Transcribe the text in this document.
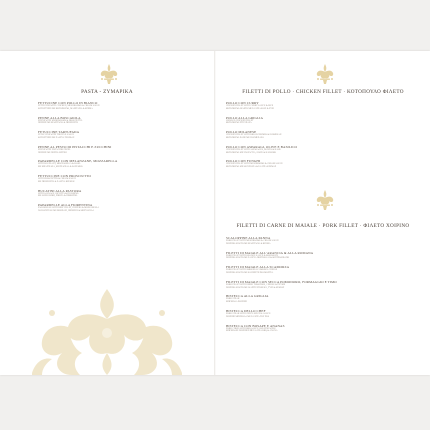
PASTA - ΖΥΜΑΡΙΚΑ
FETTUCINE CON POLLO IN BIANCO
FETTUCINE WITH CHICKEN, MUSHROOMS & CREAM SAUCE
ΦΕΤΟΥΤΣΙΝΕ ΜΕ ΚΟΤΟΠΟΥΛΟ, ΜΑΝΙΤΑΡΙΑ & ΚΡΕΜΑ
PENNE ALLA BOSCAIOLA
PENNE WITH MUSHROOMS & PROSCIUTTO
ΠΕΝΝΕΣ ΜΕ ΜΑΝΙΤΑΡΙΑ & ΠΡΟΣΙΟΥΤΟ
FETUCCINE TARTUFADA
FETUCCINE WITH TRUFFLE SAUCE
ΦΕΤΟΥΤΣΙΝΕ ΜΕ ΣΑΛΤΣΑ ΤΡΟΥΦΑΣ
PENNE AL PESTO DI PISTACCHI E ZUCCHINI
PENNE WITH PISTACHIO PESTO
ΠΕΝΝΕΣ ΜΕ ΠΕΣΤΟ ΦΙΣΤΙΚΙ
PAPARDELLE CON MELANZANE, MOZZARELLA
WITH EGGPLANT, MOZZARELLA & BASIL
ΜΕ ΜΕΛΙΤΖΑΝΑ, ΜΟΤΣΑΡΕΛΑ & ΒΑΣΙΛΙΚΟ
FETTUCCINE CON PROSCIUTTO
WITH PROSCIUTTO & CREAM SAUCE
ΜΕ ΠΡΟΣΙΟΥΤΟ & ΣΑΛΤΣΑ ΚΡΕΜΑΣ
BUCATINI ALLA PASTORA
WITH SAUSAGE, RICOTTA & PECORINO
ΜΕ ΛΟΥΚΑΝΙΚΟ, ΡΙΚΟΤΑ & ΠΕΚΟΡΙΝΟ
PAPARDELLE ALLA FIORENTINA
PAPARDELLE WITH BEEF FILLET, PEPPERS & MOZZARELLA
ΠΑΠΑΡΝΤΕΛΕ ΜΕ ΜΟΣΧΑΡΙ, ΠΙΠΕΡΙΕΣ & ΜΟΤΣΑΡΕΛΑ
FILETTI DI POLLO · CHICKEN FILLET · ΚΟΤΟΠΟΥΛΟ ΦΙΛΕΤΟ
POLLO CON CURRY
CHICKEN FILLET WITH CURRY SAUCE & RICE
ΚΟΤΟΠΟΥΛΟ ΦΙΛΕΤΟ ΜΕ ΣΑΛΤΣΑ ΚΑΡΙ & ΡΥΖΙ
POLLO ALLA GRIGLIA
GRILLED CHICKEN FILLET
ΚΟΤΟΠΟΥΛΟ ΣΤΗ ΣΧΑΡΑ
POLLO MILANESE
CHICKEN FILLET WITH BREADCRUMBS & PARMESAN
ΚΟΤΟΠΟΥΛΟ ΠΑΝΕ ΜΕ ΠΑΡΜΕΖΑΝΑ
POLLO CON ASPARAGI, OLIVE E BASILICO
CHICKEN FILLET WITH ASPARAGUS, OLIVES & BASIL
ΚΟΤΟΠΟΥΛΟ ΜΕ ΣΠΑΡΑΓΓΙΑ, ΕΛΙΕΣ & ΒΑΣΙΛΙΚΟ
POLLO CON FUNGHI
CHICKEN FILLET WITH MUSHROOMS & CREAM SAUCE
ΚΟΤΟΠΟΥΛΟ ΜΕ ΜΑΝΙΤΑΡΙΑ & ΣΑΛΤΣΑ ΚΡΕΜΑΣ
FILETTI DI CARNE DI MAIALE · PORK FILLET · ΦΙΛΕΤΟ ΧΟΙΡΙΝΟ
SCALOPPINE ALLA PANNA
PORK FILLET WITH MUSHROOMS & CREAM SAUCE
ΧΟΙΡΙΝΟ ΦΙΛΕΤΟ ΜΕ ΜΑΝΙΤΑΡΙΑ & ΚΡΕΜΑ
FILETTI DI MAIALE ALL'ARANCIA & ALLA ROMANA
PORK FILLET WITH ORANGE SAUCE & ROSEMARY
ΧΟΙΡΙΝΟ ΦΙΛΕΤΟ ΜΕ ΣΑΛΤΣΑ ΠΟΡΤΟΚΑΛΙ & ΔΕΝΤΡΟΛΙΒΑΝΟ
FILETTI DI MAIALE ALLA SCAMORZA
PORK FILLET WITH SMOKED SCAMORZA CHEESE
ΧΟΙΡΙΝΟ ΦΙΛΕΤΟ ΜΕ ΚΑΠΝΙΣΤΗ ΣΚΑΜΟΡΤΣΑ
FILETTI DI MAIALE CON SECCA POMODORO, FORMAGGIO E TIMO
PORK FILLET WITH DRIED TOMATOES, CHEESE & THYME
ΧΟΙΡΙΝΟ ΦΙΛΕΤΟ ΜΕ ΛΙΑΣΤΗ ΝΤΟΜΑΤΑ, ΤΥΡΙ & ΘΥΜΑΡΙ
BISTECCA ALLA GRIGLIA
PORK STEAK
ΜΠΡΙΖΟΛΑ ΧΟΙΡΙΝΗ
BISTECCA DELLO CHEF
PORK STEAK WITH CHEF'S SPECIAL SAUCE
ΧΟΙΡΙΝΗ ΜΠΡΙΖΟΛΑ ΜΕ ΣΑΛΤΣΑ ΤΟΥ ΣΕΦ
BISTECCA CON BOSAPE E ANANAS
PORK CHOPS WITH BBQ SAUCE AND PINEAPPLE
ΜΠΡΙΖΟΛΕΣ ΧΟΙΡΙΝΕΣ ΜΕ ΣΑΛΤΣΑ BBQ & ΑΝΑΝΑ
